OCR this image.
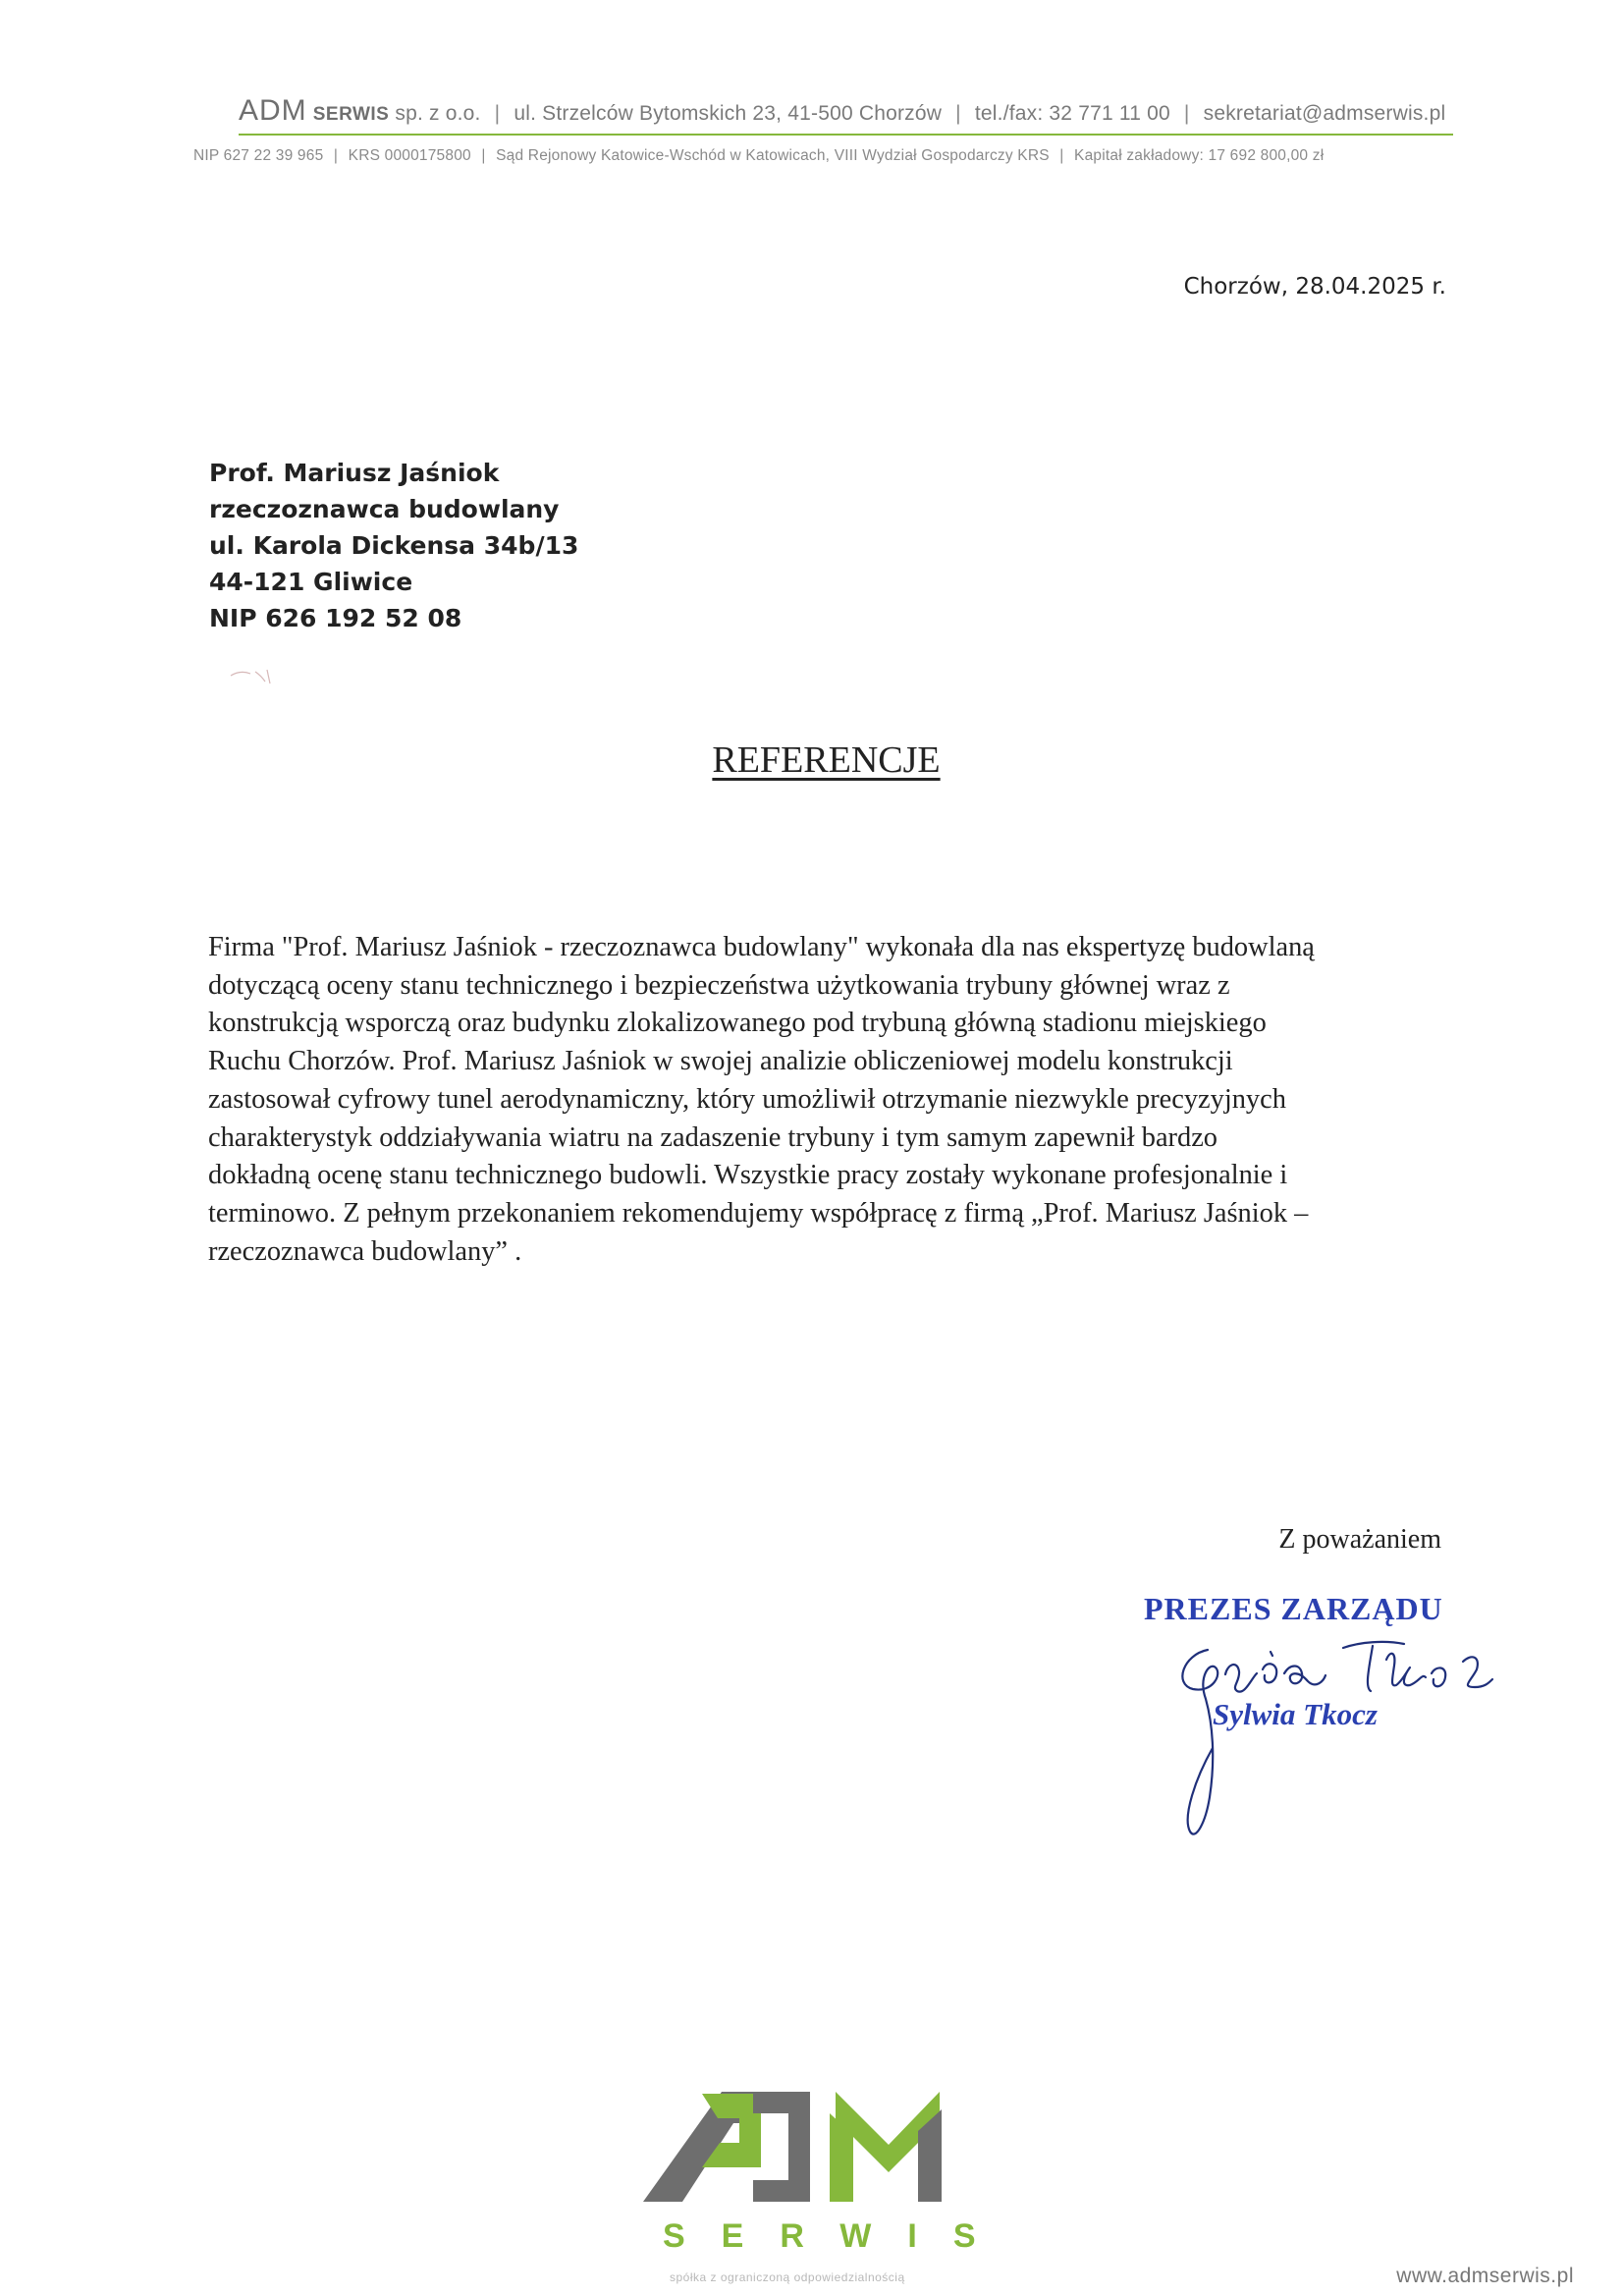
ADM SERWIS sp. z o.o. | ul. Strzelców Bytomskich 23, 41-500 Chorzów | tel./fax: 32 771 11 00 | sekretariat@admserwis.pl
NIP 627 22 39 965 | KRS 0000175800 | Sąd Rejonowy Katowice-Wschód w Katowicach, VIII Wydział Gospodarczy KRS | Kapitał zakładowy: 17 692 800,00 zł
Chorzów, 28.04.2025 r.
Prof. Mariusz Jaśniok
rzeczoznawca budowlany
ul. Karola Dickensa 34b/13
44-121 Gliwice
NIP 626 192 52 08
REFERENCJE
Firma "Prof. Mariusz Jaśniok - rzeczoznawca budowlany" wykonała dla nas ekspertyzę budowlaną
dotyczącą oceny stanu technicznego i bezpieczeństwa użytkowania trybuny głównej wraz z
konstrukcją wsporczą oraz budynku zlokalizowanego pod trybuną główną stadionu miejskiego
Ruchu Chorzów. Prof. Mariusz Jaśniok w swojej analizie obliczeniowej modelu konstrukcji
zastosował cyfrowy tunel aerodynamiczny, który umożliwił otrzymanie niezwykle precyzyjnych
charakterystyk oddziaływania wiatru na zadaszenie trybuny i tym samym zapewnił bardzo
dokładną ocenę stanu technicznego budowli. Wszystkie pracy zostały wykonane profesjonalnie i
terminowo. Z pełnym przekonaniem rekomendujemy współpracę z firmą „Prof. Mariusz Jaśniok –
rzeczoznawca budowlany” .
Z poważaniem
PREZES ZARZĄDU
Sylwia Tkocz
SERWIS
spółka z ograniczoną odpowiedzialnością	www.admserwis.pl
